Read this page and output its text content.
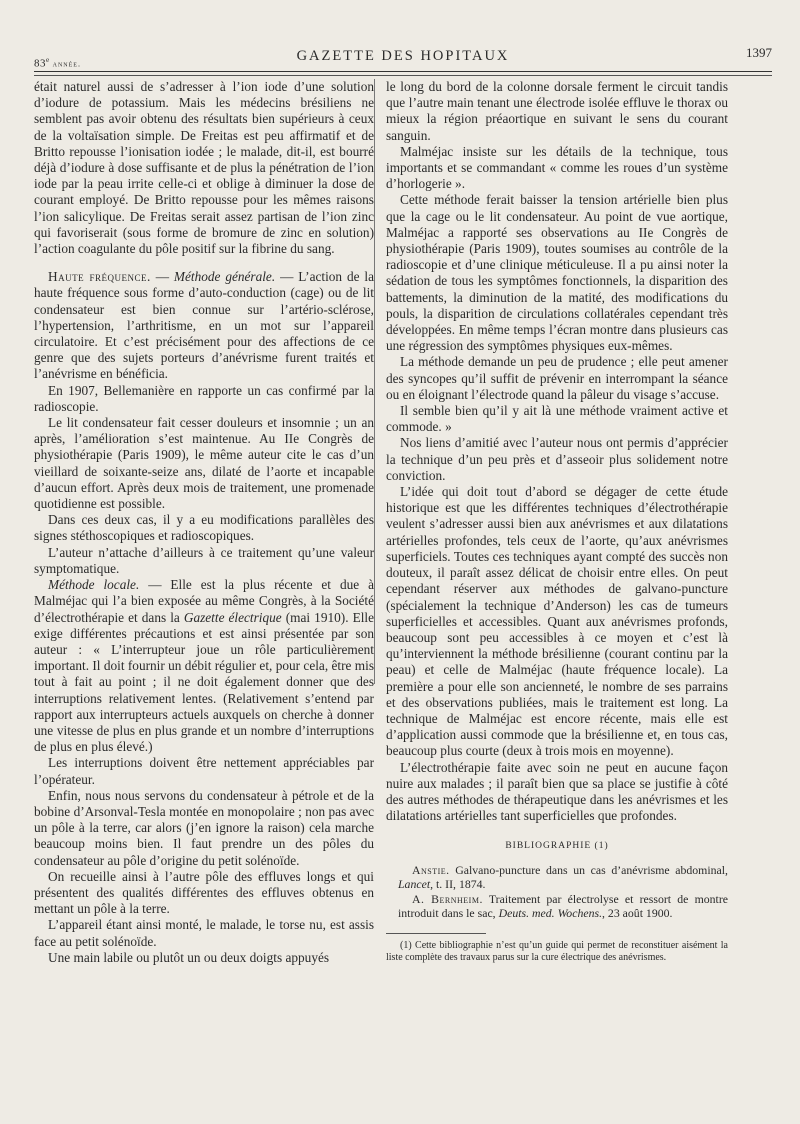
83e année.
GAZETTE DES HOPITAUX	1397

était naturel aussi de s’adresser à l’ion iode d’une solution d’iodure de potassium. Mais les médecins brésiliens ne semblent pas avoir obtenu des résultats bien supérieurs à ceux de la voltaïsation simple. De Freitas est peu affirmatif et de Britto repousse l’ionisation iodée ; le malade, dit-il, est bourré déjà d’iodure à dose suffisante et de plus la pénétration de l’ion iode par la peau irrite celle-ci et oblige à diminuer la dose de courant employé. De Britto repousse pour les mêmes raisons l’ion salicylique. De Freitas serait assez partisan de l’ion zinc qui favoriserait (sous forme de bromure de zinc en solution) l’action coagulante du pôle positif sur la fibrine du sang.

Haute fréquence. — Méthode générale. — L’action de la haute fréquence sous forme d’auto-conduction (cage) ou de lit condensateur est bien connue sur l’artério-sclérose, l’hypertension, l’arthritisme, en un mot sur l’appareil circulatoire. Et c’est précisément pour des affections de ce genre que des sujets porteurs d’anévrisme furent traités et l’anévrisme en bénéficia.

En 1907, Bellemanière en rapporte un cas confirmé par la radioscopie.

Le lit condensateur fait cesser douleurs et insomnie ; un an après, l’amélioration s’est maintenue. Au IIe Congrès de physiothérapie (Paris 1909), le même auteur cite le cas d’un vieillard de soixante-seize ans, dilaté de l’aorte et incapable d’aucun effort. Après deux mois de traitement, une promenade quotidienne est possible.

Dans ces deux cas, il y a eu modifications parallèles des signes stéthoscopiques et radioscopiques.

L’auteur n’attache d’ailleurs à ce traitement qu’une valeur symptomatique.

Méthode locale. — Elle est la plus récente et due à Malméjac qui l’a bien exposée au même Congrès, à la Société d’électrothérapie et dans la Gazette électrique (mai 1910). Elle exige différentes précautions et est ainsi présentée par son auteur : « L’interrupteur joue un rôle particulièrement important. Il doit fournir un débit régulier et, pour cela, être mis tout à fait au point ; il ne doit également donner que des interruptions relativement lentes. (Relativement s’entend par rapport aux interrupteurs actuels auxquels on cherche à donner une vitesse de plus en plus grande et un nombre d’interruptions de plus en plus élevé.)

Les interruptions doivent être nettement appréciables par l’opérateur.

Enfin, nous nous servons du condensateur à pétrole et de la bobine d’Arsonval-Tesla montée en monopolaire ; non pas avec un pôle à la terre, car alors (j’en ignore la raison) cela marche beaucoup moins bien. Il faut prendre un des pôles du condensateur au pôle d’origine du petit solénoïde.

On recueille ainsi à l’autre pôle des effluves longs et qui présentent des qualités différentes des effluves obtenus en mettant un pôle à la terre.

L’appareil étant ainsi monté, le malade, le torse nu, est assis face au petit solénoïde.

Une main labile ou plutôt un ou deux doigts appuyés

le long du bord de la colonne dorsale ferment le circuit tandis que l’autre main tenant une électrode isolée effluve le thorax ou mieux la région préaortique en suivant le sens du courant sanguin.

Malméjac insiste sur les détails de la technique, tous importants et se commandant « comme les roues d’un système d’horlogerie ».

Cette méthode ferait baisser la tension artérielle bien plus que la cage ou le lit condensateur. Au point de vue aortique, Malméjac a rapporté ses observations au IIe Congrès de physiothérapie (Paris 1909), toutes soumises au contrôle de la radioscopie et d’une clinique méticuleuse. Il a pu ainsi noter la sédation de tous les symptômes fonctionnels, la disparition des battements, la diminution de la matité, des modifications du pouls, la disparition de circulations collatérales cependant très développées. En même temps l’écran montre dans plusieurs cas une régression des symptômes physiques eux-mêmes.

La méthode demande un peu de prudence ; elle peut amener des syncopes qu’il suffit de prévenir en interrompant la séance ou en éloignant l’électrode quand la pâleur du visage s’accuse.

Il semble bien qu’il y ait là une méthode vraiment active et commode. »

Nos liens d’amitié avec l’auteur nous ont permis d’apprécier la technique d’un peu près et d’asseoir plus solidement notre conviction.

L’idée qui doit tout d’abord se dégager de cette étude historique est que les différentes techniques d’électrothérapie veulent s’adresser aussi bien aux anévrismes et aux dilatations artérielles profondes, tels ceux de l’aorte, qu’aux anévrismes superficiels. Toutes ces techniques ayant compté des succès non douteux, il paraît assez délicat de choisir entre elles. On peut cependant réserver aux méthodes de galvano-puncture (spécialement la technique d’Anderson) les cas de tumeurs superficielles et accessibles. Quant aux anévrismes profonds, beaucoup sont peu accessibles à ce moyen et c’est là qu’interviennent la méthode brésilienne (courant continu par la peau) et celle de Malméjac (haute fréquence locale). La première a pour elle son ancienneté, le nombre de ses parrains et des observations publiées, mais le traitement est long. La technique de Malméjac est encore récente, mais elle est d’application aussi commode que la brésilienne et, en tous cas, beaucoup plus courte (deux à trois mois en moyenne).

L’électrothérapie faite avec soin ne peut en aucune façon nuire aux malades ; il paraît bien que sa place se justifie à côté des autres méthodes de thérapeutique dans les anévrismes et les dilatations artérielles tant superficielles que profondes.

BIBLIOGRAPHIE (1)

Anstie. Galvano-puncture dans un cas d’anévrisme abdominal, Lancet, t. II, 1874.

A. Bernheim. Traitement par électrolyse et ressort de montre introduit dans le sac, Deuts. med. Wochens., 23 août 1900.

(1) Cette bibliographie n’est qu’un guide qui permet de reconstituer aisément la liste complète des travaux parus sur la cure électrique des anévrismes.
